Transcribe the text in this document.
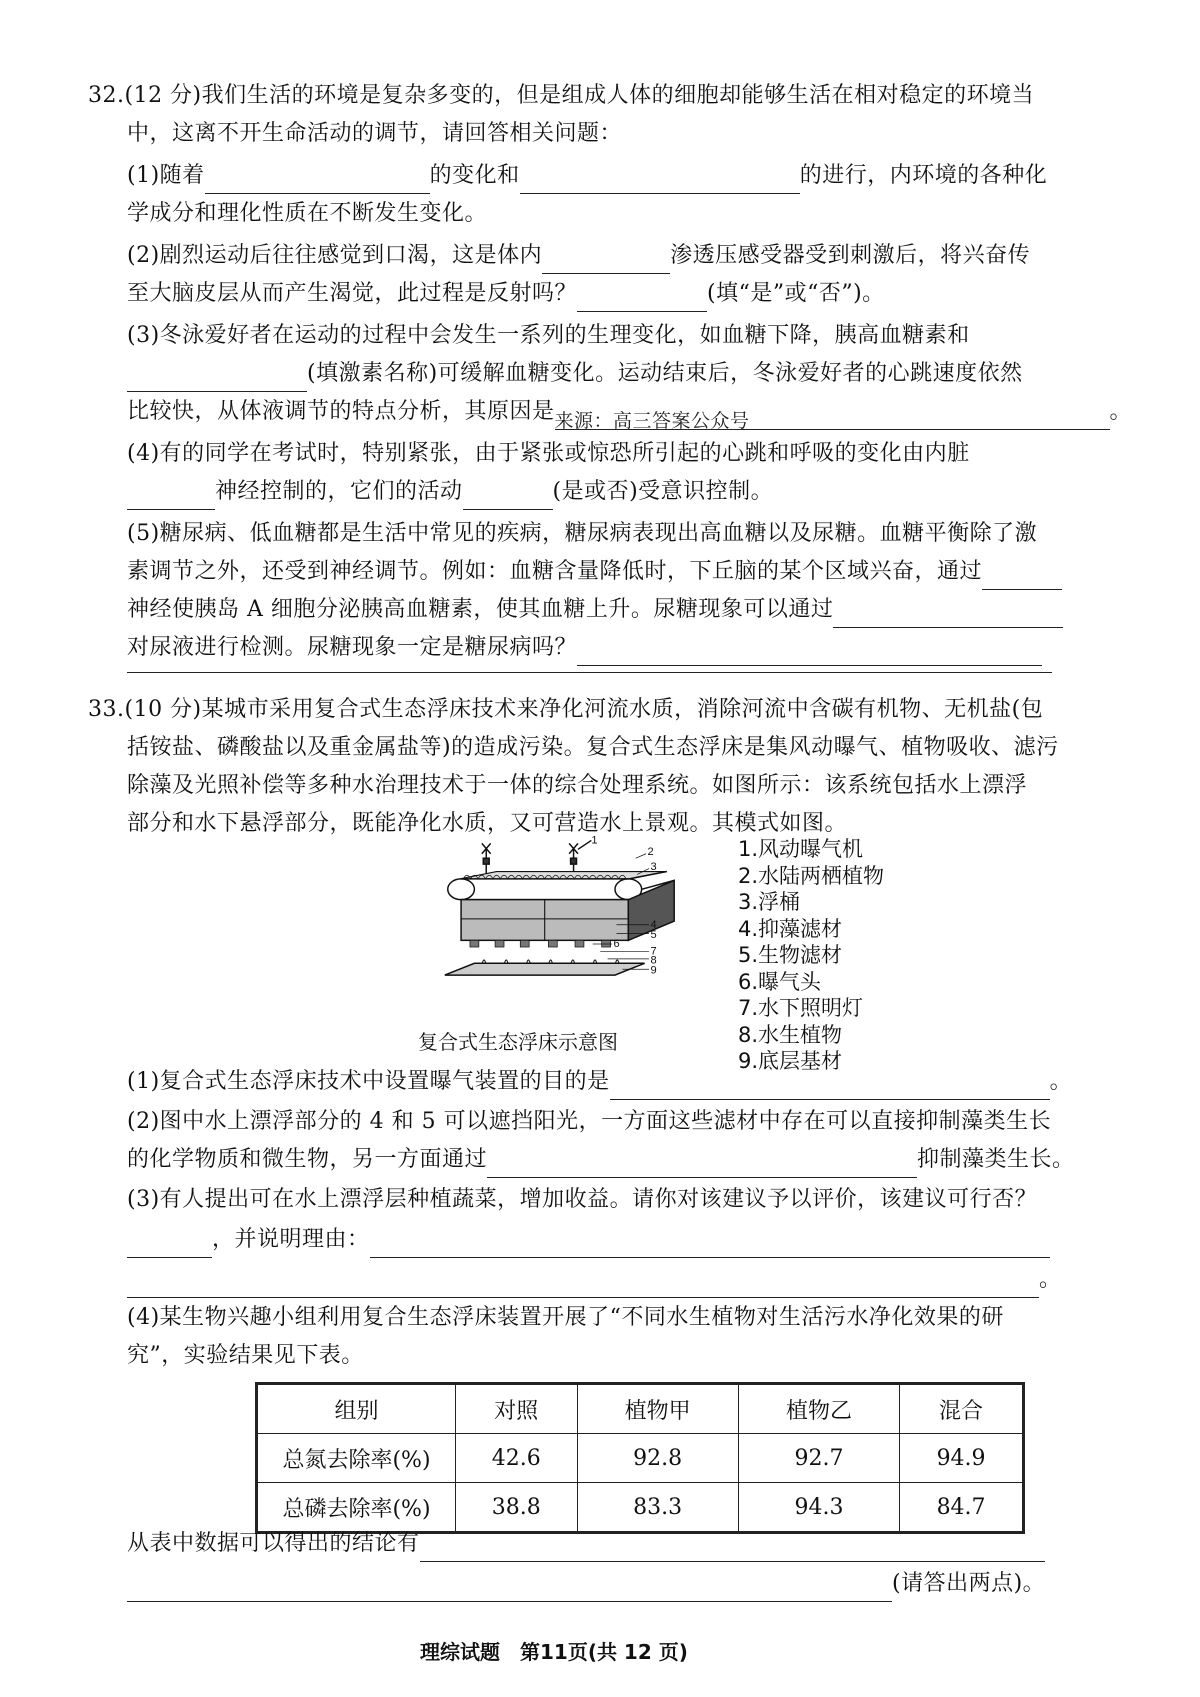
32.(12 分)我们生活的环境是复杂多变的，但是组成人体的细胞却能够生活在相对稳定的环境当
中，这离不开生命活动的调节，请回答相关问题：
(1)随着	的变化和	的进行，内环境的各种化
学成分和理化性质在不断发生变化。
(2)剧烈运动后往往感觉到口渴，这是体内	渗透压感受器受到刺激后，将兴奋传
至大脑皮层从而产生渴觉，此过程是反射吗？	(填“是”或“否”)。
(3)冬泳爱好者在运动的过程中会发生一系列的生理变化，如血糖下降，胰高血糖素和
(填激素名称)可缓解血糖变化。运动结束后，冬泳爱好者的心跳速度依然
比较快，从体液调节的特点分析，其原因是来源：高三答案公众号	。
(4)有的同学在考试时，特别紧张，由于紧张或惊恐所引起的心跳和呼吸的变化由内脏
神经控制的，它们的活动	(是或否)受意识控制。
(5)糖尿病、低血糖都是生活中常见的疾病，糖尿病表现出高血糖以及尿糖。血糖平衡除了激
素调节之外，还受到神经调节。例如：血糖含量降低时，下丘脑的某个区域兴奋，通过
神经使胰岛 A 细胞分泌胰高血糖素，使其血糖上升。尿糖现象可以通过
对尿液进行检测。尿糖现象一定是糖尿病吗？
33.(10 分)某城市采用复合式生态浮床技术来净化河流水质，消除河流中含碳有机物、无机盐(包
括铵盐、磷酸盐以及重金属盐等)的造成污染。复合式生态浮床是集风动曝气、植物吸收、滤污
除藻及光照补偿等多种水治理技术于一体的综合处理系统。如图所示：该系统包括水上漂浮
部分和水下悬浮部分，既能净化水质，又可营造水上景观。其模式如图。
1
2
3
4
5
6
7
8
9
1.风动曝气机
2.水陆两栖植物
3.浮桶
4.抑藻滤材
5.生物滤材
6.曝气头
7.水下照明灯
8.水生植物
9.底层基材
复合式生态浮床示意图
(1)复合式生态浮床技术中设置曝气装置的目的是	。
(2)图中水上漂浮部分的 4 和 5 可以遮挡阳光，一方面这些滤材中存在可以直接抑制藻类生长
的化学物质和微生物，另一方面通过	抑制藻类生长。
(3)有人提出可在水上漂浮层种植蔬菜，增加收益。请你对该建议予以评价，该建议可行否？
，并说明理由：
。
(4)某生物兴趣小组利用复合生态浮床装置开展了“不同水生植物对生活污水净化效果的研
究”，实验结果见下表。
组别	对照	植物甲	植物乙	混合
总氮去除率(%)	42.6	92.8	92.7	94.9
总磷去除率(%)	38.8	83.3	94.3	84.7
从表中数据可以得出的结论有
(请答出两点)。
理综试题　第11页(共 12 页)
